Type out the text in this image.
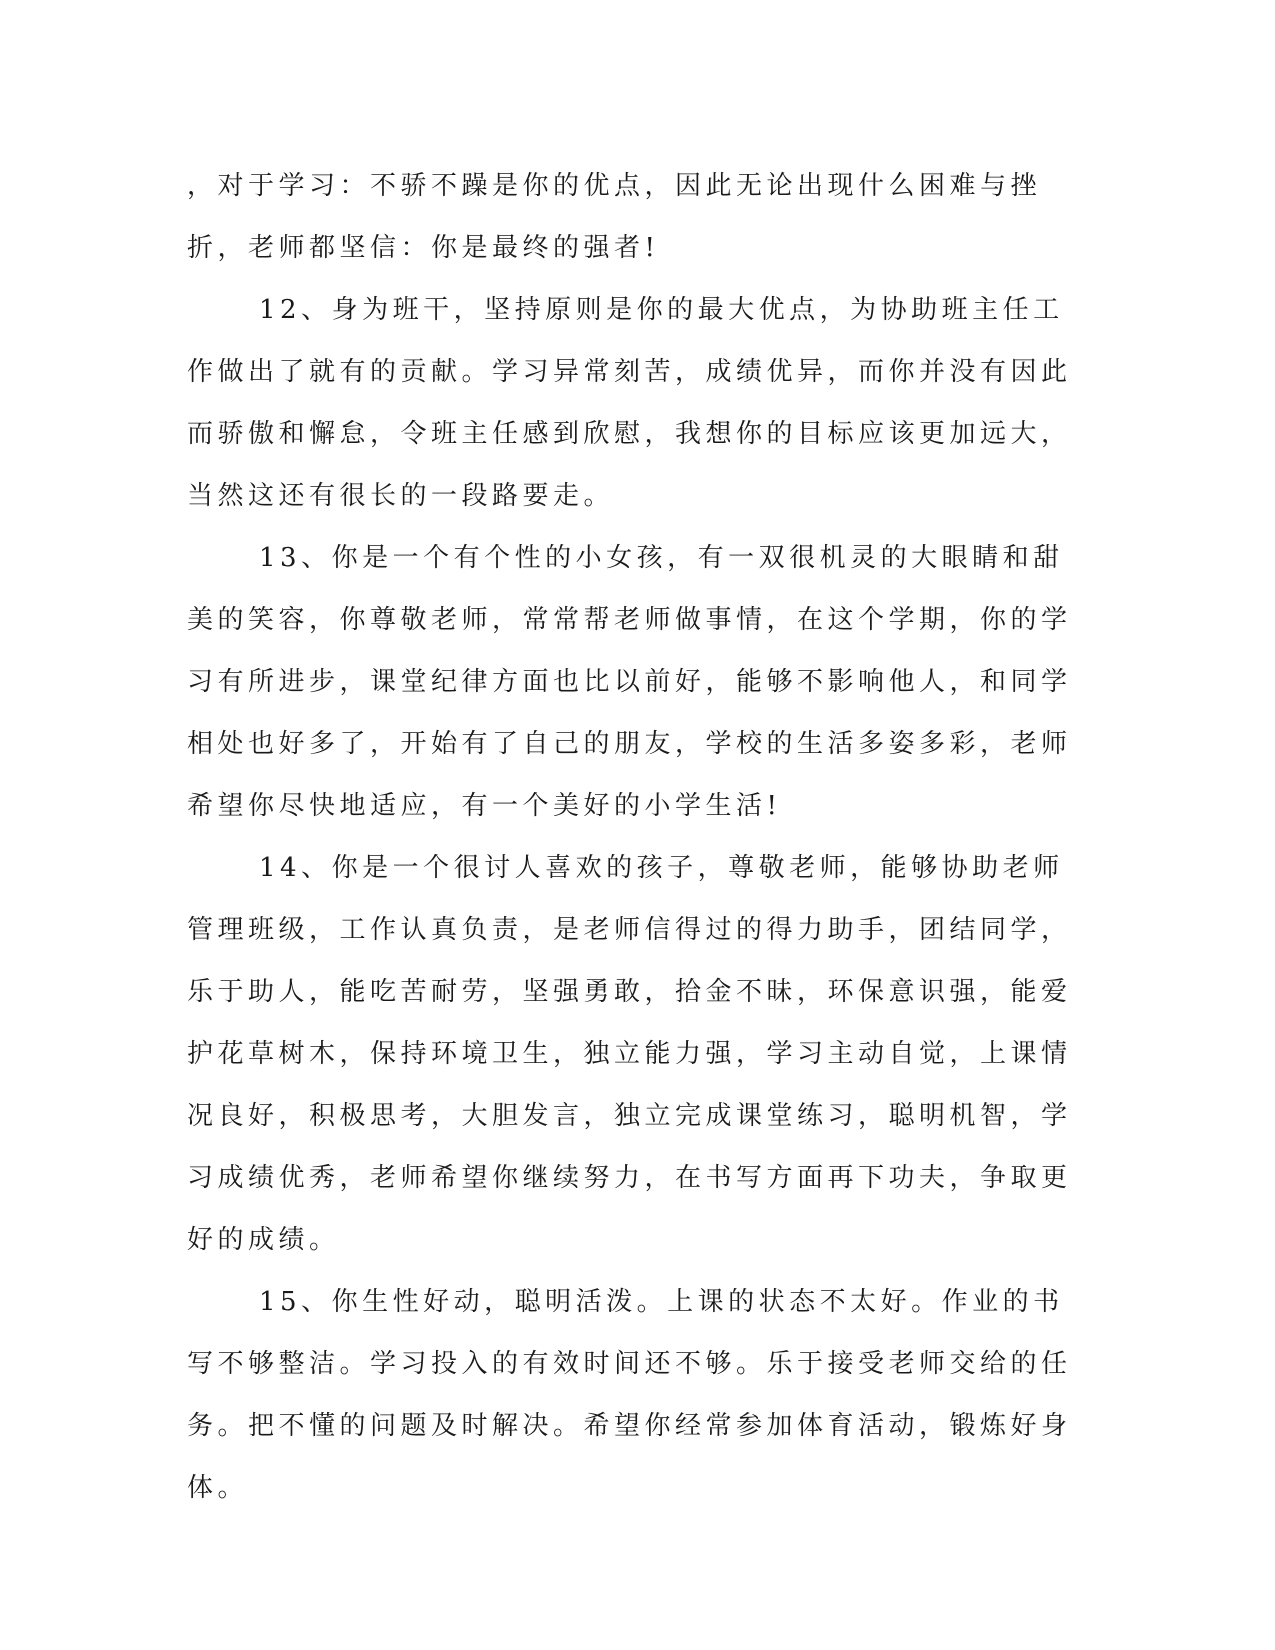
，对于学习：不骄不躁是你的优点，因此无论出现什么困难与挫折，老师都坚信：你是最终的强者!

12、身为班干，坚持原则是你的最大优点，为协助班主任工作做出了就有的贡献。学习异常刻苦，成绩优异，而你并没有因此而骄傲和懈怠，令班主任感到欣慰，我想你的目标应该更加远大，当然这还有很长的一段路要走。

13、你是一个有个性的小女孩，有一双很机灵的大眼睛和甜美的笑容，你尊敬老师，常常帮老师做事情，在这个学期，你的学习有所进步，课堂纪律方面也比以前好，能够不影响他人，和同学相处也好多了，开始有了自己的朋友，学校的生活多姿多彩，老师希望你尽快地适应，有一个美好的小学生活!

14、你是一个很讨人喜欢的孩子，尊敬老师，能够协助老师管理班级，工作认真负责，是老师信得过的得力助手，团结同学，乐于助人，能吃苦耐劳，坚强勇敢，拾金不昧，环保意识强，能爱护花草树木，保持环境卫生，独立能力强，学习主动自觉，上课情况良好，积极思考，大胆发言，独立完成课堂练习，聪明机智，学习成绩优秀，老师希望你继续努力，在书写方面再下功夫，争取更好的成绩。

15、你生性好动，聪明活泼。上课的状态不太好。作业的书写不够整洁。学习投入的有效时间还不够。乐于接受老师交给的任务。把不懂的问题及时解决。希望你经常参加体育活动，锻炼好身体。
